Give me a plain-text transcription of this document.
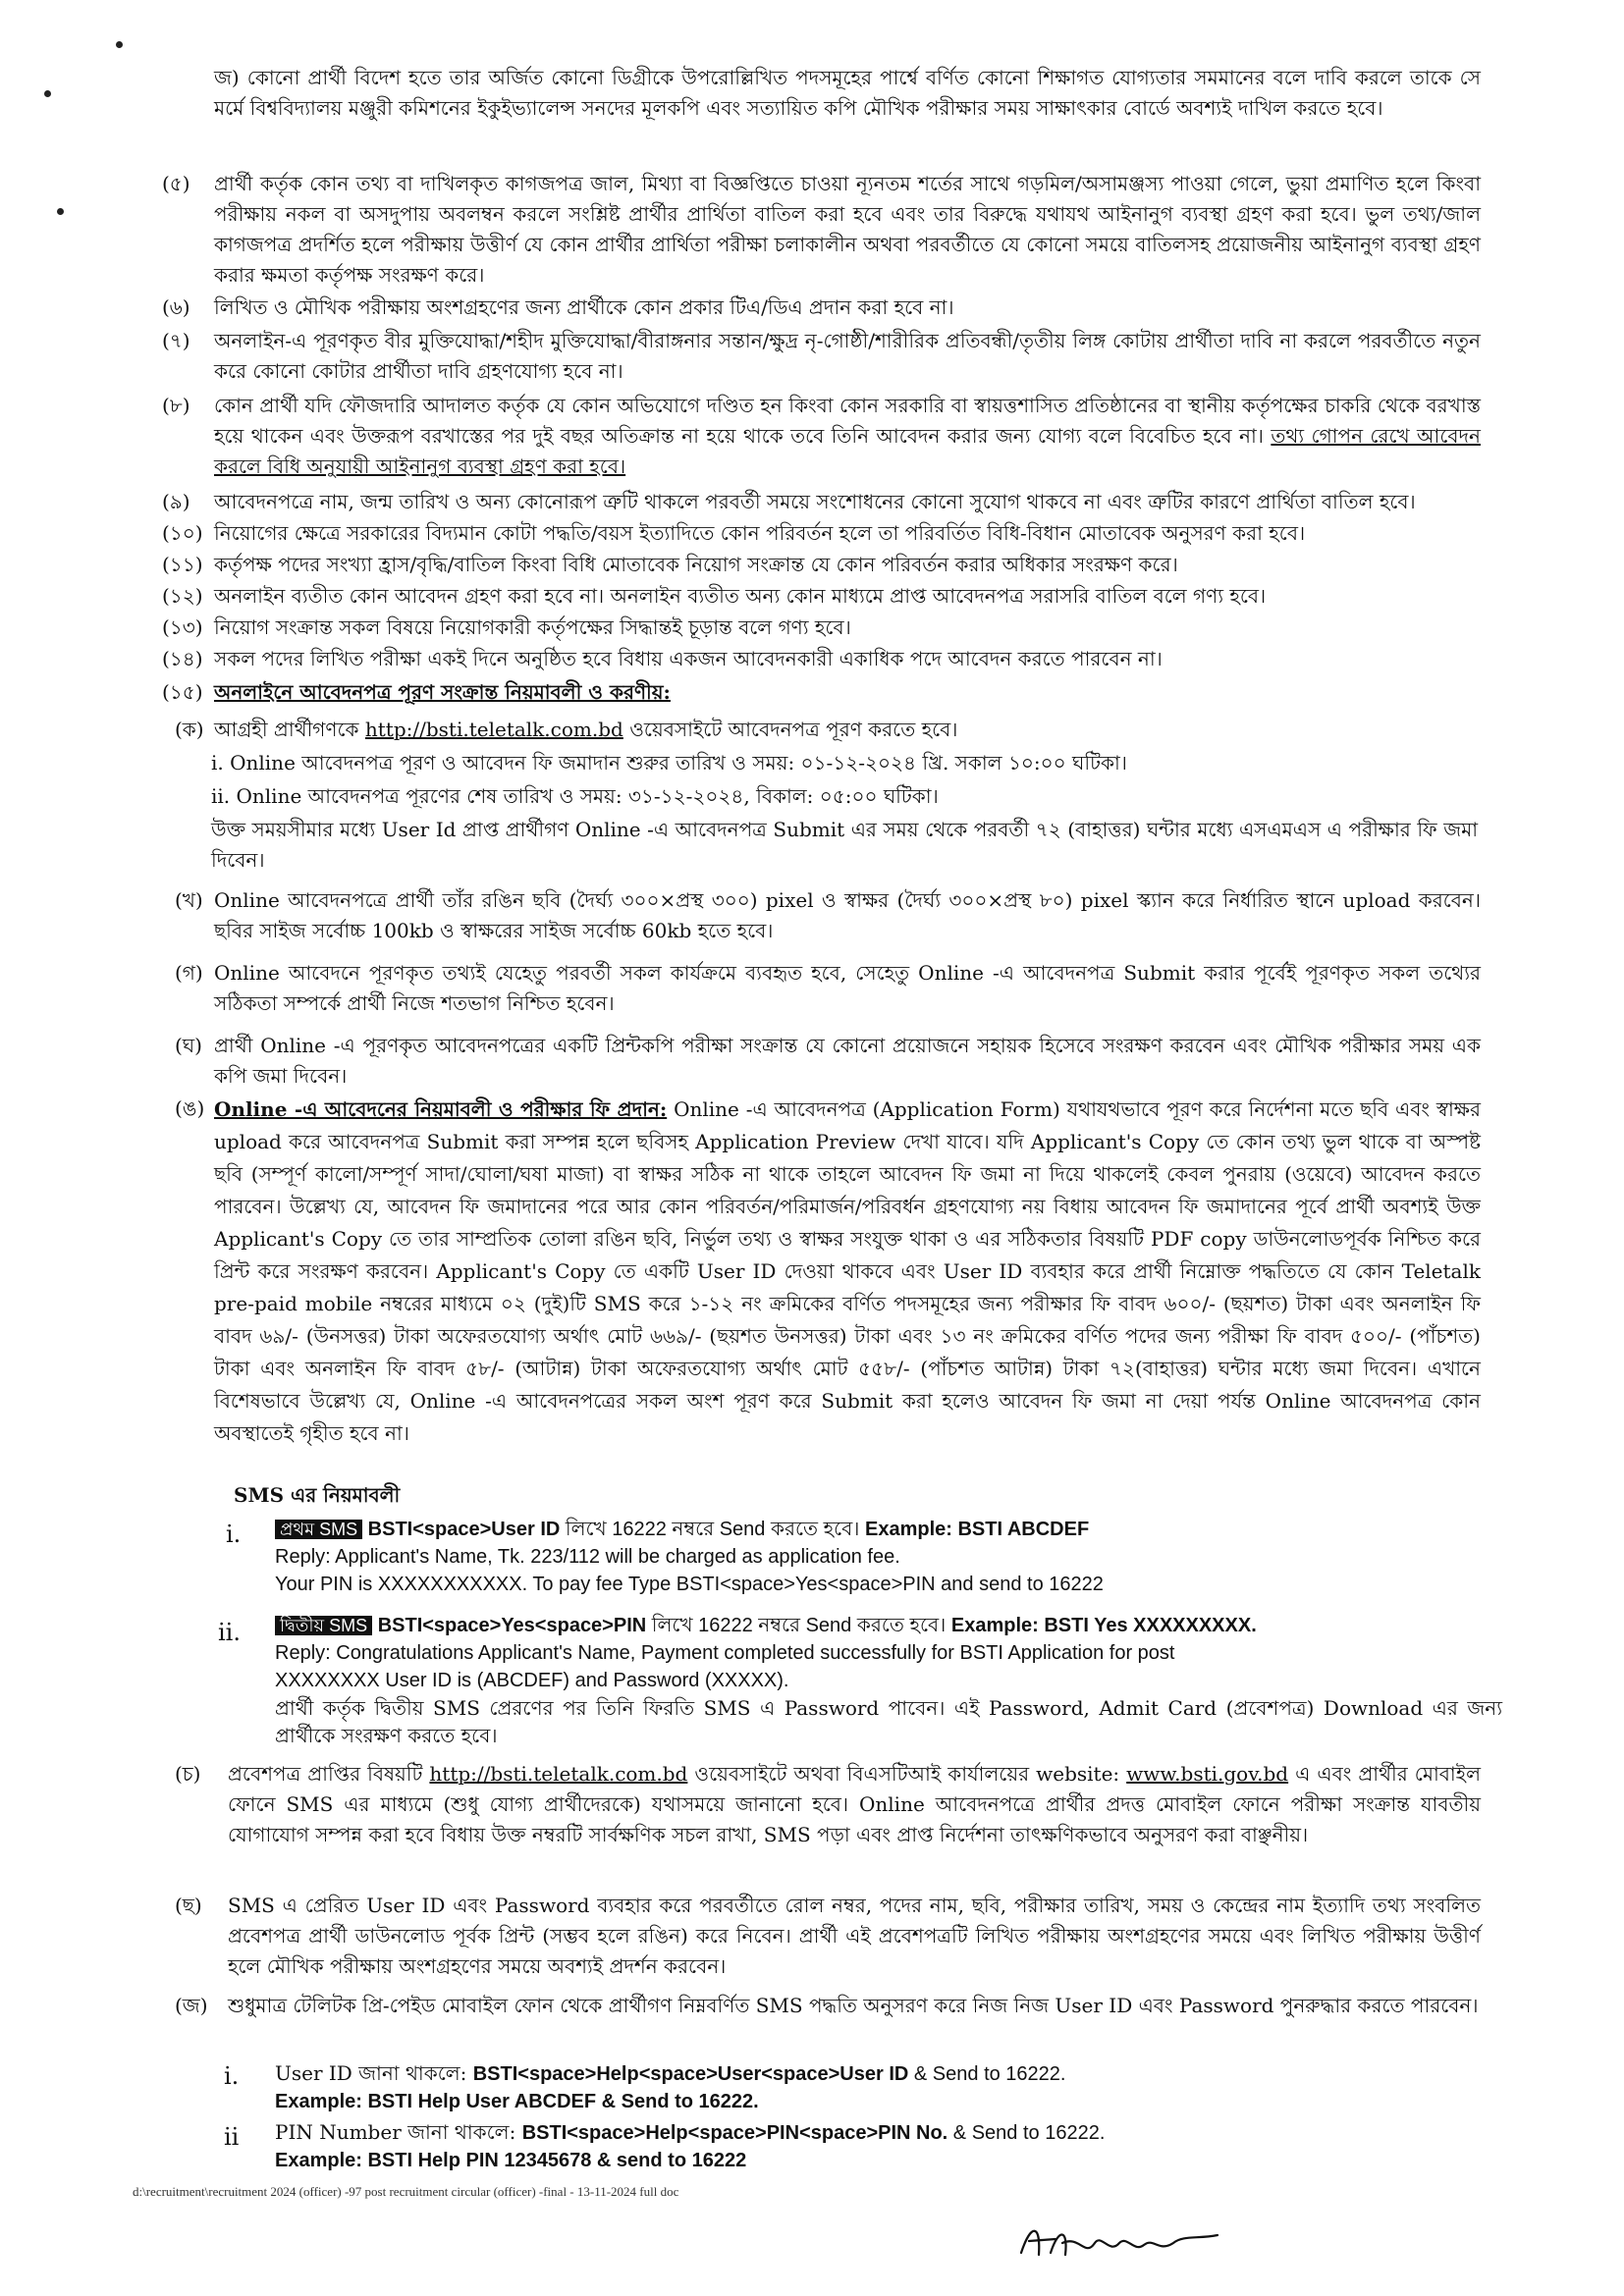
জ) কোনো প্রার্থী বিদেশ হতে তার অর্জিত কোনো ডিগ্রীকে উপরোল্লিখিত পদসমূহের পার্শ্বে বর্ণিত কোনো শিক্ষাগত যোগ্যতার সমমানের বলে দাবি করলে তাকে সে মর্মে বিশ্ববিদ্যালয় মঞ্জুরী কমিশনের ইকুইভ্যালেন্স সনদের মূলকপি এবং সত্যায়িত কপি মৌখিক পরীক্ষার সময় সাক্ষাৎকার বোর্ডে অবশ্যই দাখিল করতে হবে।
(৫) প্রার্থী কর্তৃক কোন তথ্য বা দাখিলকৃত কাগজপত্র জাল, মিথ্যা বা বিজ্ঞপ্তিতে চাওয়া ন্যূনতম শর্তের সাথে গড়মিল/অসামঞ্জস্য পাওয়া গেলে, ভুয়া প্রমাণিত হলে কিংবা পরীক্ষায় নকল বা অসদুপায় অবলম্বন করলে সংশ্লিষ্ট প্রার্থীর প্রার্থিতা বাতিল করা হবে এবং তার বিরুদ্ধে যথাযথ আইনানুগ ব্যবস্থা গ্রহণ করা হবে। ভুল তথ্য/জাল কাগজপত্র প্রদর্শিত হলে পরীক্ষায় উত্তীর্ণ যে কোন প্রার্থীর প্রার্থিতা পরীক্ষা চলাকালীন অথবা পরবর্তীতে যে কোনো সময়ে বাতিলসহ প্রয়োজনীয় আইনানুগ ব্যবস্থা গ্রহণ করার ক্ষমতা কর্তৃপক্ষ সংরক্ষণ করে।
(৬) লিখিত ও মৌখিক পরীক্ষায় অংশগ্রহণের জন্য প্রার্থীকে কোন প্রকার টিএ/ডিএ প্রদান করা হবে না।
(৭) অনলাইন-এ পূরণকৃত বীর মুক্তিযোদ্ধা/শহীদ মুক্তিযোদ্ধা/বীরাঙ্গনার সন্তান/ক্ষুদ্র নৃ-গোষ্ঠী/শারীরিক প্রতিবন্ধী/তৃতীয় লিঙ্গ কোটায় প্রার্থীতা দাবি না করলে পরবর্তীতে নতুন করে কোনো কোটার প্রার্থীতা দাবি গ্রহণযোগ্য হবে না।
(৮) কোন প্রার্থী যদি ফৌজদারি আদালত কর্তৃক যে কোন অভিযোগে দণ্ডিত হন কিংবা কোন সরকারি বা স্বায়ত্তশাসিত প্রতিষ্ঠানের বা স্থানীয় কর্তৃপক্ষের চাকরি থেকে বরখাস্ত হয়ে থাকেন এবং উক্তরূপ বরখাস্তের পর দুই বছর অতিক্রান্ত না হয়ে থাকে তবে তিনি আবেদন করার জন্য যোগ্য বলে বিবেচিত হবে না। তথ্য গোপন রেখে আবেদন করলে বিধি অনুযায়ী আইনানুগ ব্যবস্থা গ্রহণ করা হবে।
(৯) আবেদনপত্রে নাম, জন্ম তারিখ ও অন্য কোনোরূপ ত্রুটি থাকলে পরবর্তী সময়ে সংশোধনের কোনো সুযোগ থাকবে না এবং ত্রুটির কারণে প্রার্থিতা বাতিল হবে।
(১০) নিয়োগের ক্ষেত্রে সরকারের বিদ্যমান কোটা পদ্ধতি/বয়স ইত্যাদিতে কোন পরিবর্তন হলে তা পরিবর্তিত বিধি-বিধান মোতাবেক অনুসরণ করা হবে।
(১১) কর্তৃপক্ষ পদের সংখ্যা হ্রাস/বৃদ্ধি/বাতিল কিংবা বিধি মোতাবেক নিয়োগ সংক্রান্ত যে কোন পরিবর্তন করার অধিকার সংরক্ষণ করে।
(১২) অনলাইন ব্যতীত কোন আবেদন গ্রহণ করা হবে না। অনলাইন ব্যতীত অন্য কোন মাধ্যমে প্রাপ্ত আবেদনপত্র সরাসরি বাতিল বলে গণ্য হবে।
(১৩) নিয়োগ সংক্রান্ত সকল বিষয়ে নিয়োগকারী কর্তৃপক্ষের সিদ্ধান্তই চূড়ান্ত বলে গণ্য হবে।
(১৪) সকল পদের লিখিত পরীক্ষা একই দিনে অনুষ্ঠিত হবে বিধায় একজন আবেদনকারী একাধিক পদে আবেদন করতে পারবেন না।
(১৫) অনলাইনে আবেদনপত্র পূরণ সংক্রান্ত নিয়মাবলী ও করণীয়:
(ক) আগ্রহী প্রার্থীগণকে http://bsti.teletalk.com.bd ওয়েবসাইটে আবেদনপত্র পূরণ করতে হবে।
i. Online আবেদনপত্র পূরণ ও আবেদন ফি জমাদান শুরুর তারিখ ও সময়: ০১-১২-২০২৪ খ্রি. সকাল ১০:০০ ঘটিকা।
ii. Online আবেদনপত্র পূরণের শেষ তারিখ ও সময়: ৩১-১২-২০২৪, বিকাল: ০৫:০০ ঘটিকা।
উক্ত সময়সীমার মধ্যে User Id প্রাপ্ত প্রার্থীগণ Online -এ আবেদনপত্র Submit এর সময় থেকে পরবর্তী ৭২ (বাহাত্তর) ঘন্টার মধ্যে এসএমএস এ পরীক্ষার ফি জমা দিবেন।
(খ) Online আবেদনপত্রে প্রার্থী তাঁর রঙিন ছবি (দৈর্ঘ্য ৩০০×প্রস্থ ৩০০) pixel ও স্বাক্ষর (দৈর্ঘ্য ৩০০×প্রস্থ ৮০) pixel স্ক্যান করে নির্ধারিত স্থানে upload করবেন। ছবির সাইজ সর্বোচ্চ 100kb ও স্বাক্ষরের সাইজ সর্বোচ্চ 60kb হতে হবে।
(গ) Online আবেদনে পূরণকৃত তথ্যই যেহেতু পরবর্তী সকল কার্যক্রমে ব্যবহৃত হবে, সেহেতু Online -এ আবেদনপত্র Submit করার পূর্বেই পূরণকৃত সকল তথ্যের সঠিকতা সম্পর্কে প্রার্থী নিজে শতভাগ নিশ্চিত হবেন।
(ঘ) প্রার্থী Online -এ পূরণকৃত আবেদনপত্রের একটি প্রিন্টকপি পরীক্ষা সংক্রান্ত যে কোনো প্রয়োজনে সহায়ক হিসেবে সংরক্ষণ করবেন এবং মৌখিক পরীক্ষার সময় এক কপি জমা দিবেন।
(ঙ) Online -এ আবেদনের নিয়মাবলী ও পরীক্ষার ফি প্রদান: Online -এ আবেদনপত্র (Application Form) যথাযথভাবে পূরণ করে নির্দেশনা মতে ছবি এবং স্বাক্ষর upload করে আবেদনপত্র Submit করা সম্পন্ন হলে ছবিসহ Application Preview দেখা যাবে। যদি Applicant's Copy তে কোন তথ্য ভুল থাকে বা অস্পষ্ট ছবি (সম্পূর্ণ কালো/সম্পূর্ণ সাদা/ঘোলা/ঘষা মাজা) বা স্বাক্ষর সঠিক না থাকে তাহলে আবেদন ফি জমা না দিয়ে থাকলেই কেবল পুনরায় (ওয়েবে) আবেদন করতে পারবেন। উল্লেখ্য যে, আবেদন ফি জমাদানের পরে আর কোন পরিবর্তন/পরিমার্জন/পরিবর্ধন গ্রহণযোগ্য নয় বিধায় আবেদন ফি জমাদানের পূর্বে প্রার্থী অবশ্যই উক্ত Applicant's Copy তে তার সাম্প্রতিক তোলা রঙিন ছবি, নির্ভুল তথ্য ও স্বাক্ষর সংযুক্ত থাকা ও এর সঠিকতার বিষয়টি PDF copy ডাউনলোডপূর্বক নিশ্চিত করে প্রিন্ট করে সংরক্ষণ করবেন। Applicant's Copy তে একটি User ID দেওয়া থাকবে এবং User ID ব্যবহার করে প্রার্থী নিম্নোক্ত পদ্ধতিতে যে কোন Teletalk pre-paid mobile নম্বরের মাধ্যমে ০২ (দুই)টি SMS করে ১-১২ নং ক্রমিকের বর্ণিত পদসমূহের জন্য পরীক্ষার ফি বাবদ ৬০০/- (ছয়শত) টাকা এবং অনলাইন ফি বাবদ ৬৯/- (উনসত্তর) টাকা অফেরতযোগ্য অর্থাৎ মোট ৬৬৯/- (ছয়শত উনসত্তর) টাকা এবং ১৩ নং ক্রমিকের বর্ণিত পদের জন্য পরীক্ষা ফি বাবদ ৫০০/- (পাঁচশত) টাকা এবং অনলাইন ফি বাবদ ৫৮/- (আটান্ন) টাকা অফেরতযোগ্য অর্থাৎ মোট ৫৫৮/- (পাঁচশত আটান্ন) টাকা ৭২(বাহাত্তর) ঘন্টার মধ্যে জমা দিবেন। এখানে বিশেষভাবে উল্লেখ্য যে, Online -এ আবেদনপত্রের সকল অংশ পূরণ করে Submit করা হলেও আবেদন ফি জমা না দেয়া পর্যন্ত Online আবেদনপত্র কোন অবস্থাতেই গৃহীত হবে না।
SMS এর নিয়মাবলী
i. প্রথম SMS BSTI<space>User ID লিখে 16222 নম্বরে Send করতে হবে। Example: BSTI ABCDEF
Reply: Applicant's Name, Tk. 223/112 will be charged as application fee.
Your PIN is XXXXXXXXXXX. To pay fee Type BSTI<space>Yes<space>PIN and send to 16222
ii. দ্বিতীয় SMS BSTI<space>Yes<space>PIN লিখে 16222 নম্বরে Send করতে হবে। Example: BSTI Yes XXXXXXXXX.
Reply: Congratulations Applicant's Name, Payment completed successfully for BSTI Application for post
XXXXXXXX User ID is (ABCDEF) and Password (XXXXX).
প্রার্থী কর্তৃক দ্বিতীয় SMS প্রেরণের পর তিনি ফিরতি SMS এ Password পাবেন। এই Password, Admit Card (প্রবেশপত্র) Download এর জন্য প্রার্থীকে সংরক্ষণ করতে হবে।
(চ) প্রবেশপত্র প্রাপ্তির বিষয়টি http://bsti.teletalk.com.bd ওয়েবসাইটে অথবা বিএসটিআই কার্যালয়ের website: www.bsti.gov.bd এ এবং প্রার্থীর মোবাইল ফোনে SMS এর মাধ্যমে (শুধু যোগ্য প্রার্থীদেরকে) যথাসময়ে জানানো হবে। Online আবেদনপত্রে প্রার্থীর প্রদত্ত মোবাইল ফোনে পরীক্ষা সংক্রান্ত যাবতীয় যোগাযোগ সম্পন্ন করা হবে বিধায় উক্ত নম্বরটি সার্বক্ষণিক সচল রাখা, SMS পড়া এবং প্রাপ্ত নির্দেশনা তাৎক্ষণিকভাবে অনুসরণ করা বাঞ্ছনীয়।
(ছ) SMS এ প্রেরিত User ID এবং Password ব্যবহার করে পরবর্তীতে রোল নম্বর, পদের নাম, ছবি, পরীক্ষার তারিখ, সময় ও কেন্দ্রের নাম ইত্যাদি তথ্য সংবলিত প্রবেশপত্র প্রার্থী ডাউনলোড পূর্বক প্রিন্ট (সম্ভব হলে রঙিন) করে নিবেন। প্রার্থী এই প্রবেশপত্রটি লিখিত পরীক্ষায় অংশগ্রহণের সময়ে এবং লিখিত পরীক্ষায় উত্তীর্ণ হলে মৌখিক পরীক্ষায় অংশগ্রহণের সময়ে অবশ্যই প্রদর্শন করবেন।
(জ) শুধুমাত্র টেলিটক প্রি-পেইড মোবাইল ফোন থেকে প্রার্থীগণ নিম্নবর্ণিত SMS পদ্ধতি অনুসরণ করে নিজ নিজ User ID এবং Password পুনরুদ্ধার করতে পারবেন।
i. User ID জানা থাকলে: BSTI<space>Help<space>User<space>User ID & Send to 16222.
Example: BSTI Help User ABCDEF & Send to 16222.
ii PIN Number জানা থাকলে: BSTI<space>Help<space>PIN<space>PIN No. & Send to 16222.
Example: BSTI Help PIN 12345678 & send to 16222
d:\recruitment\recruitment 2024 (officer) -97 post recruitment circular (officer) -final - 13-11-2024 full doc
